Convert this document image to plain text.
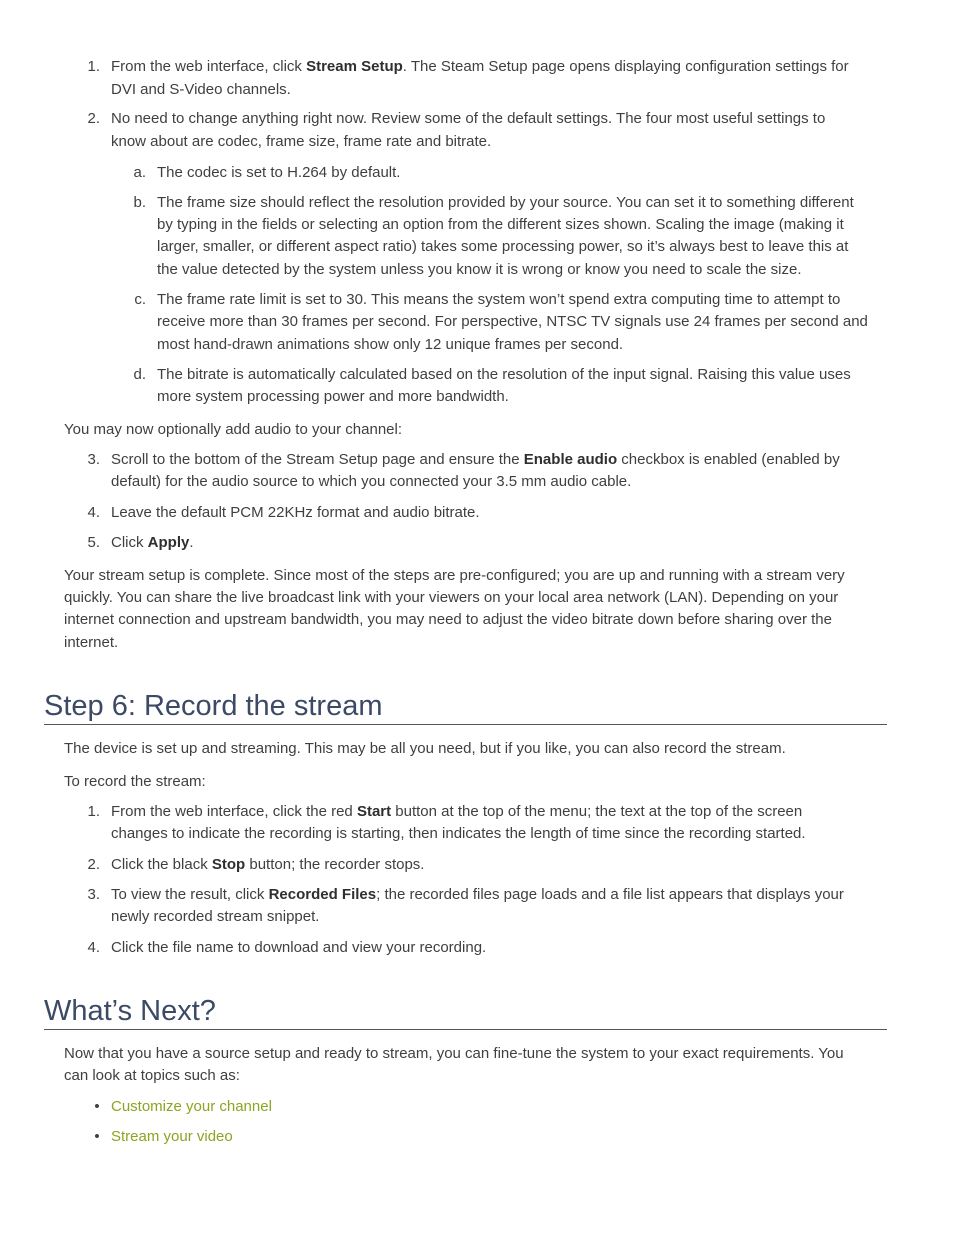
1. From the web interface, click Stream Setup. The Steam Setup page opens displaying configuration settings for
DVI and S-Video channels.
2. No need to change anything right now. Review some of the default settings. The four most useful settings to
know about are codec, frame size, frame rate and bitrate.
a. The codec is set to H.264 by default.
b. The frame size should reflect the resolution provided by your source. You can set it to something different
by typing in the fields or selecting an option from the different sizes shown. Scaling the image (making it
larger, smaller, or different aspect ratio) takes some processing power, so it’s always best to leave this at
the value detected by the system unless you know it is wrong or know you need to scale the size.
c. The frame rate limit is set to 30. This means the system won’t spend extra computing time to attempt to
receive more than 30 frames per second. For perspective, NTSC TV signals use 24 frames per second and
most hand-drawn animations show only 12 unique frames per second.
d. The bitrate is automatically calculated based on the resolution of the input signal. Raising this value uses
more system processing power and more bandwidth.
You may now optionally add audio to your channel:
3. Scroll to the bottom of the Stream Setup page and ensure the Enable audio checkbox is enabled (enabled by
default) for the audio source to which you connected your 3.5 mm audio cable.
4. Leave the default PCM 22KHz format and audio bitrate.
5. Click Apply.
Your stream setup is complete. Since most of the steps are pre-configured; you are up and running with a stream very
quickly. You can share the live broadcast link with your viewers on your local area network (LAN). Depending on your
internet connection and upstream bandwidth, you may need to adjust the video bitrate down before sharing over the
internet.
Step 6: Record the stream
The device is set up and streaming. This may be all you need, but if you like, you can also record the stream.
To record the stream:
1. From the web interface, click the red Start button at the top of the menu; the text at the top of the screen
changes to indicate the recording is starting, then indicates the length of time since the recording started.
2. Click the black Stop button; the recorder stops.
3. To view the result, click Recorded Files; the recorded files page loads and a file list appears that displays your
newly recorded stream snippet.
4. Click the file name to download and view your recording.
What’s Next?
Now that you have a source setup and ready to stream, you can fine-tune the system to your exact requirements. You
can look at topics such as:
• Customize your channel
• Stream your video
